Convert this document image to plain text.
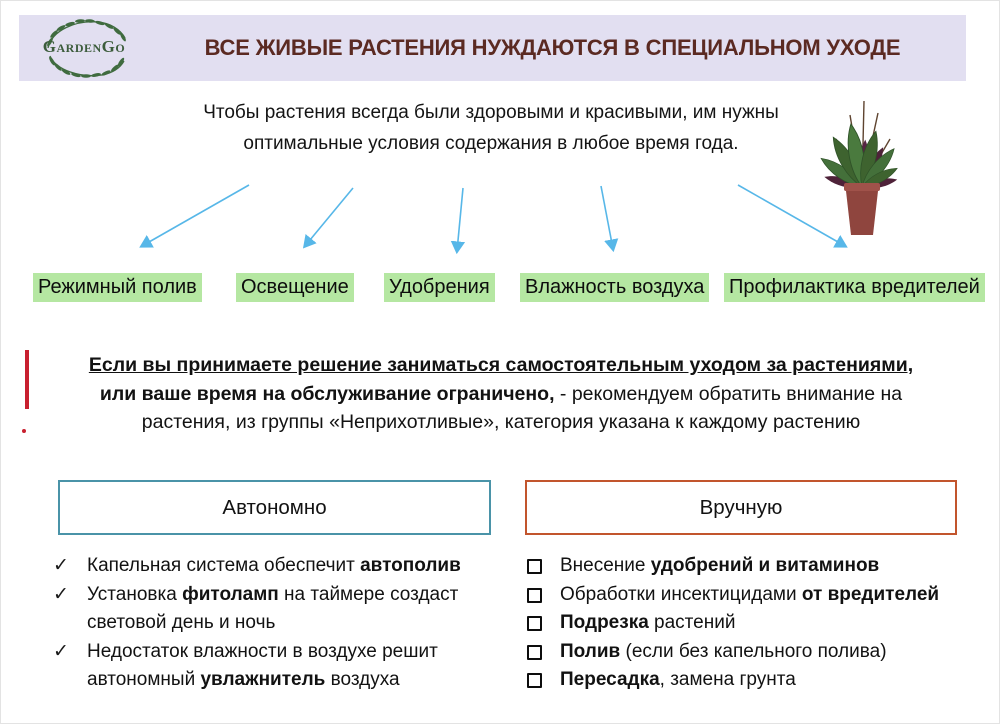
GardenGo	ВСЕ ЖИВЫЕ РАСТЕНИЯ НУЖДАЮТСЯ В СПЕЦИАЛЬНОМ УХОДЕ

Чтобы растения всегда были здоровыми и красивыми, им нужны оптимальные условия содержания в любое время года.

Режимный полив Освещение Удобрения Влажность воздуха Профилактика вредителей
Если вы принимаете решение заниматься самостоятельным уходом за растениями,
или ваше время на обслуживание ограничено, - рекомендуем обратить внимание на
растения, из группы «Неприхотливые», категория указана к каждому растению
Автономно	Вручную
✓ Капельная система обеспечит автополив
✓ Установка фитоламп на таймере создаст световой день и ночь
✓ Недостаток влажности в воздухе решит автономный увлажнитель воздуха
Внесение удобрений и витаминов
Обработки инсектицидами от вредителей
Подрезка растений
Полив (если без капельного полива)
Пересадка, замена грунта
